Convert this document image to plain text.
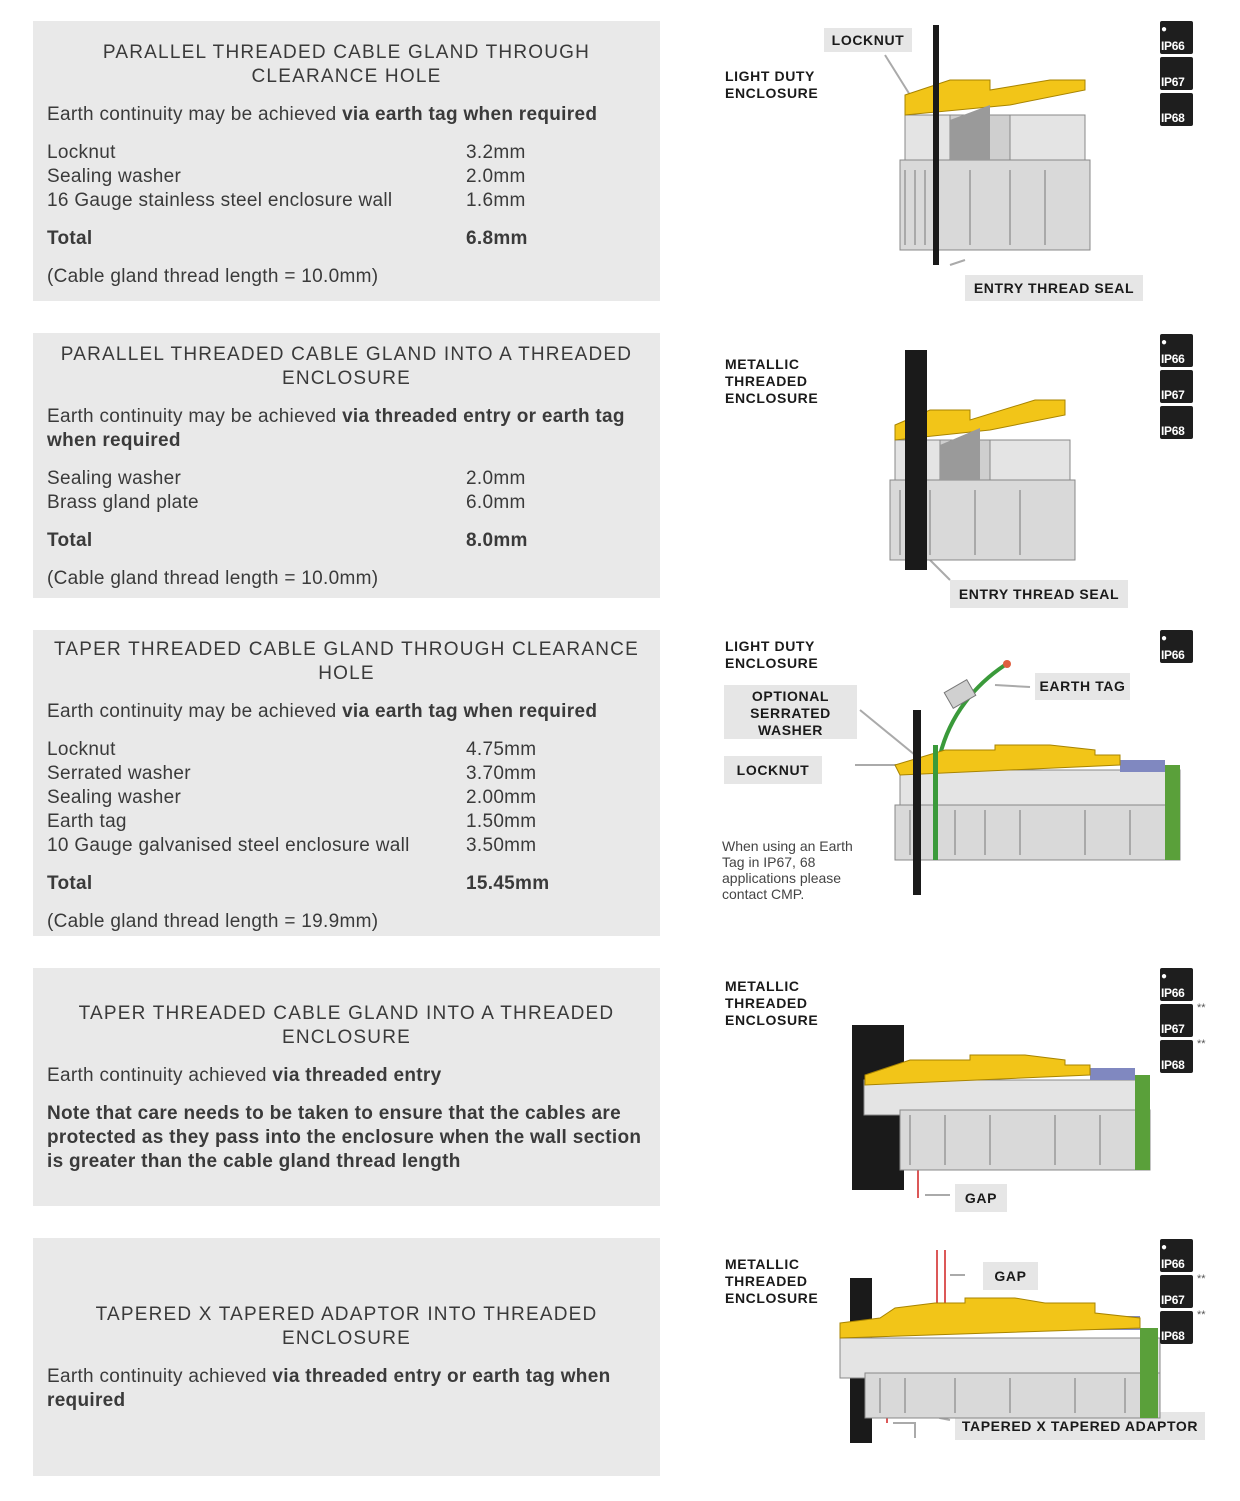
PARALLEL THREADED CABLE GLAND THROUGH CLEARANCE HOLE
Earth continuity may be achieved via earth tag when required
Locknut	3.2mm
Sealing washer	2.0mm
16 Gauge stainless steel enclosure wall	1.6mm
Total	6.8mm
(Cable gland thread length = 10.0mm)
PARALLEL THREADED CABLE GLAND INTO A THREADED ENCLOSURE
Earth continuity may be achieved via threaded entry or earth tag when required
Sealing washer	2.0mm
Brass gland plate	6.0mm
Total	8.0mm
(Cable gland thread length = 10.0mm)
TAPER THREADED CABLE GLAND THROUGH CLEARANCE HOLE
Earth continuity may be achieved via earth tag when required
Locknut	4.75mm
Serrated washer	3.70mm
Sealing washer	2.00mm
Earth tag	1.50mm
10 Gauge galvanised steel enclosure wall	3.50mm
Total	15.45mm
(Cable gland thread length = 19.9mm)
TAPER THREADED CABLE GLAND INTO A THREADED ENCLOSURE
Earth continuity achieved via threaded entry
Note that care needs to be taken to ensure that the cables are protected as they pass into the enclosure when the wall section is greater than the cable gland thread length
TAPERED X TAPERED ADAPTOR INTO THREADED ENCLOSURE
Earth continuity achieved via threaded entry or earth tag when required
LIGHT DUTY ENCLOSURE
LOCKNUT
ENTRY THREAD SEAL
●
IP66
IP67
IP68
METALLIC THREADED ENCLOSURE
ENTRY THREAD SEAL
●
IP66
IP67
IP68
LIGHT DUTY ENCLOSURE
OPTIONAL SERRATED WASHER
EARTH TAG
LOCKNUT
When using an Earth Tag in IP67, 68 applications please contact CMP.
●
IP66
METALLIC THREADED ENCLOSURE
GAP
●
IP66
IP67
IP68
**
**
METALLIC THREADED ENCLOSURE
GAP
TAPERED X TAPERED ADAPTOR
●
IP66
IP67
IP68
**
**
